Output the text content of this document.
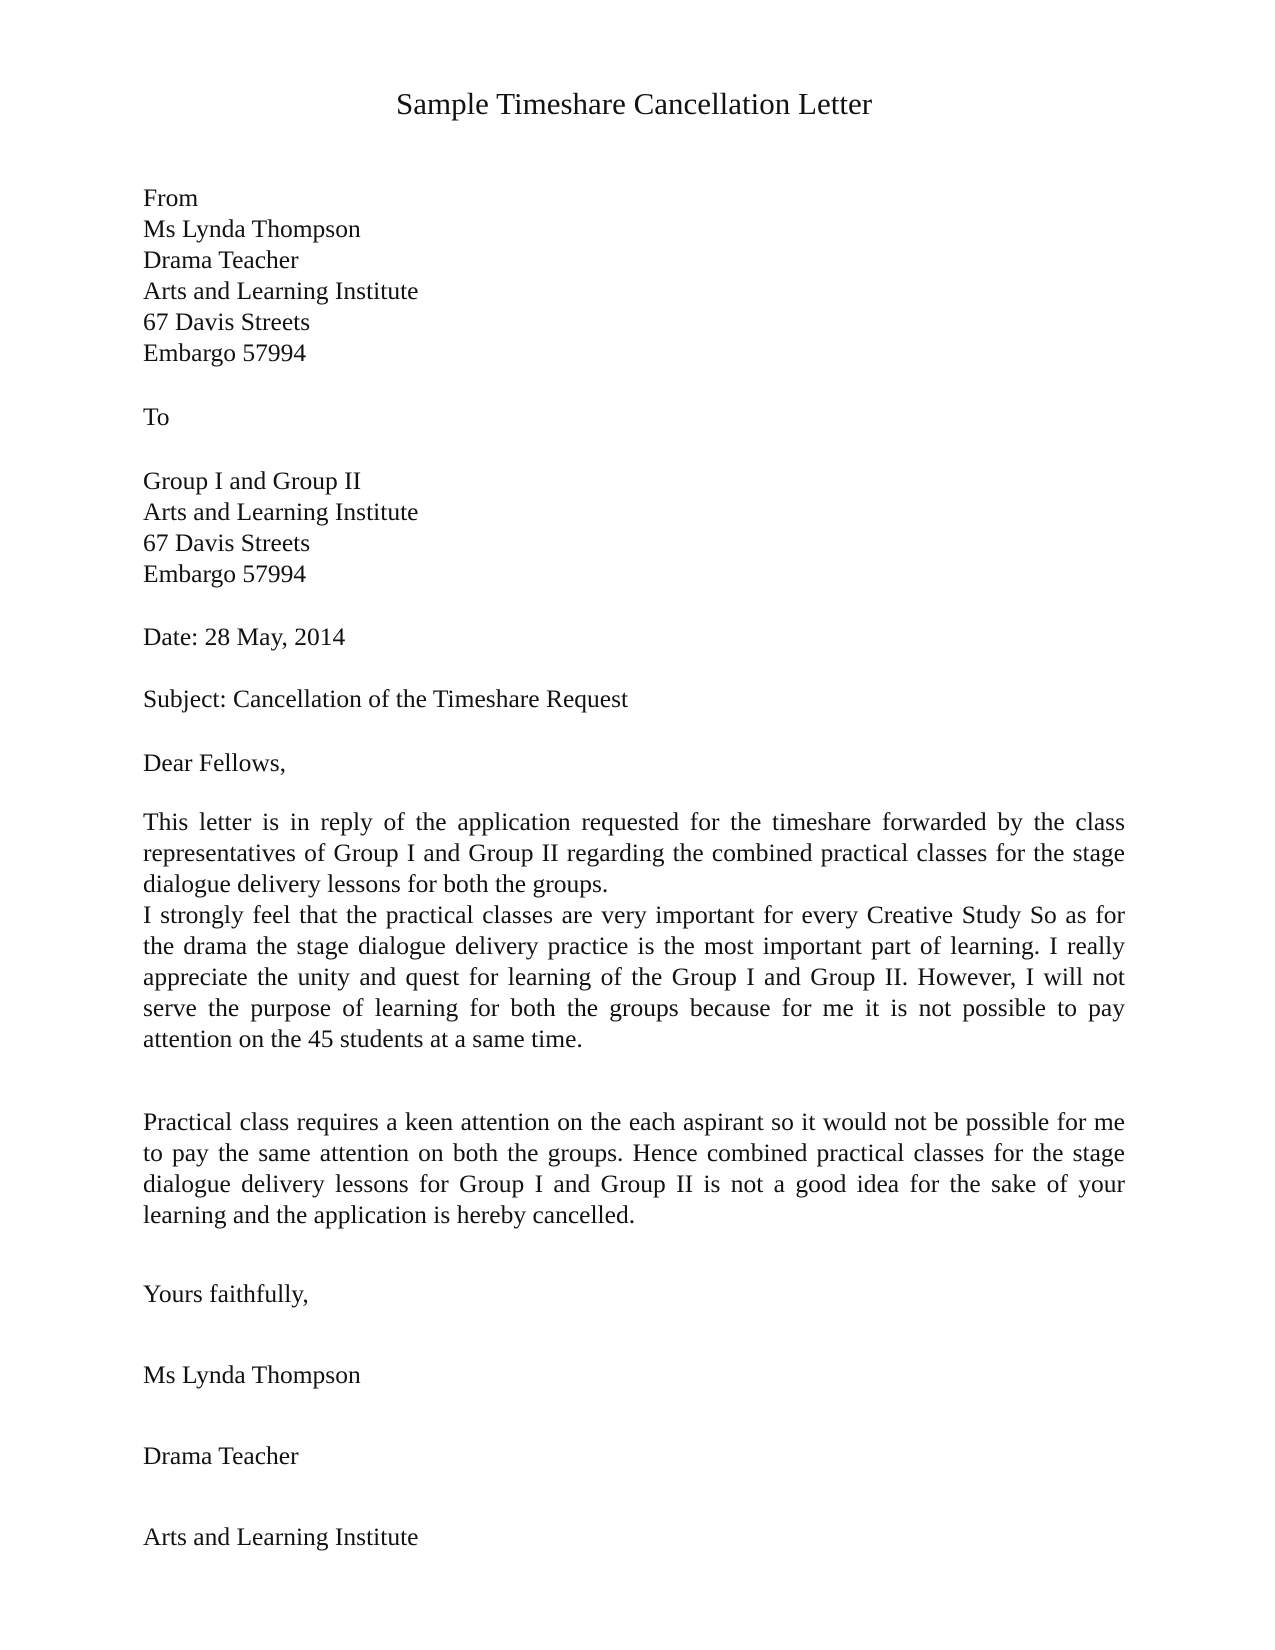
Sample Timeshare Cancellation Letter
From
Ms Lynda Thompson
Drama Teacher
Arts and Learning Institute
67 Davis Streets
Embargo 57994
To
Group I and Group II
Arts and Learning Institute
67 Davis Streets
Embargo 57994
Date: 28 May, 2014
Subject: Cancellation of the Timeshare Request
Dear Fellows,

This letter is in reply of the application requested for the timeshare forwarded by the class representatives of Group I and Group II regarding the combined practical classes for the stage dialogue delivery lessons for both the groups.

I strongly feel that the practical classes are very important for every Creative Study So as for the drama the stage dialogue delivery practice is the most important part of learning. I really appreciate the unity and quest for learning of the Group I and Group II. However, I will not serve the purpose of learning for both the groups because for me it is not possible to pay attention on the 45 students at a same time.

Practical class requires a keen attention on the each aspirant so it would not be possible for me to pay the same attention on both the groups. Hence combined practical classes for the stage dialogue delivery lessons for Group I and Group II is not a good idea for the sake of your learning and the application is hereby cancelled.

Yours faithfully,
Ms Lynda Thompson
Drama Teacher
Arts and Learning Institute
